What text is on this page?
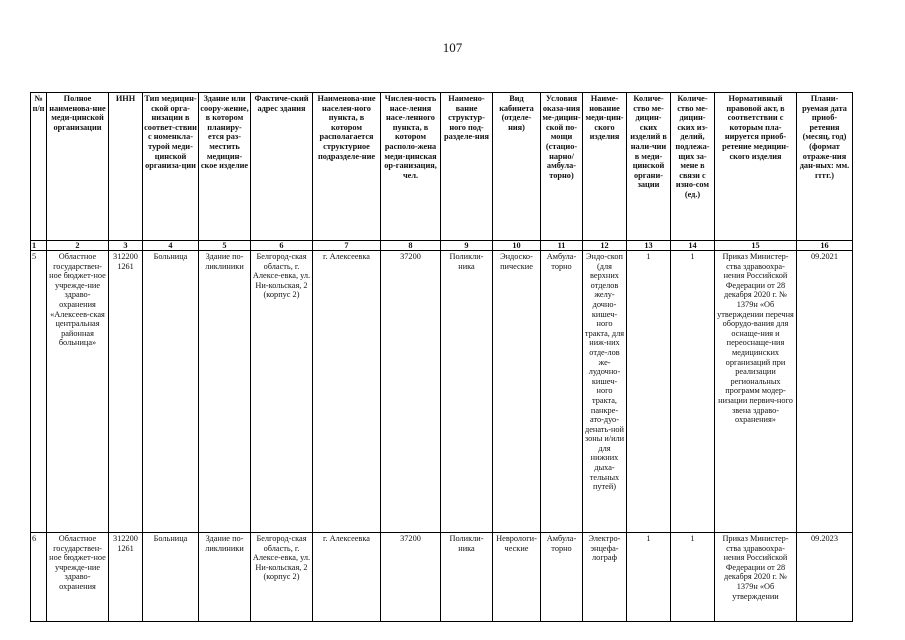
107
№ п/п	Полное наименова-ние меди-цинской организации	ИНН	Тип медицин-ской орга-низации в соответ-ствии с номенкла-турой меди-цинской организа-ции	Здание или соору-жение, в котором планиру-ется раз-местить медицин-ское изделие	Фактиче-ский адрес здания	Наименова-ние населен-ного пункта, в котором располагается структурное подразделе-ние	Числен-ность насе-ления насе-ленного пункта, в котором располо-жена меди-цинская ор-ганизация, чел.	Наимено-вание структур-ного под-разделе-ния	Вид кабинета (отделе-ния)	Условия оказа-ния ме-дицин-ской по-мощи (стацио-нарно/ амбула-торно)	Наиме-нование меди-цин-ского изделия	Количе-ство ме-дицин-ских изделий в нали-чии в меди-цинской органи-зации	Количе-ство ме-дицин-ских из-делий, подлежа-щих за-мене в связи с изно-сом (ед.)	Нормативный правовой акт, в соответствии с которым пла-нируется приоб-ретение медицин-ского изделия	Плани-руемая дата приоб-ретения (месяц, год) (формат отраже-ния дан-ных: мм. гггг.)
1	2	3	4	5	6	7	8	9	10	11	12	13	14	15	16
5	Областное государствен-ное бюджет-ное учрежде-ние здраво-охранения «Алексеев-ская центральная районная больница»	312200 1261	Больница	Здание по-ликлиники	Белгород-ская область, г. Алексе-евка, ул. Ни-кольская, 2 (корпус 2)	г. Алексеевка	37200	Поликли-ника	Эндоско-пические	Амбула-торно	Эндо-скоп (для верхних отделов желу-дочно-кишеч-ного тракта, для ниж-них отде-лов же-лудочно-кишеч-ного тракта, панкре-ато-дуо-денать-ной зоны и/или для нижних дыха-тельных путей)	1	1	Приказ Министер-ства здравоохра-нения Российской Федерации от 28 декабря 2020 г. № 1379н «Об утверждении перечня оборудо-вания для оснаще-ния и переоснаще-ния медицинских организаций при реализации региональных программ модер-низации первич-ного звена здраво-охранения»	09.2021
6	Областное государствен-ное бюджет-ное учрежде-ние здраво-охранения	312200 1261	Больница	Здание по-ликлиники	Белгород-ская область, г. Алексе-евка, ул. Ни-кольская, 2 (корпус 2)	г. Алексеевка	37200	Поликли-ника	Неврологи-ческие	Амбула-торно	Электро-энцефа-лограф	1	1	Приказ Министер-ства здравоохра-нения Российской Федерации от 28 декабря 2020 г. № 1379н «Об утверждении	09.2023
